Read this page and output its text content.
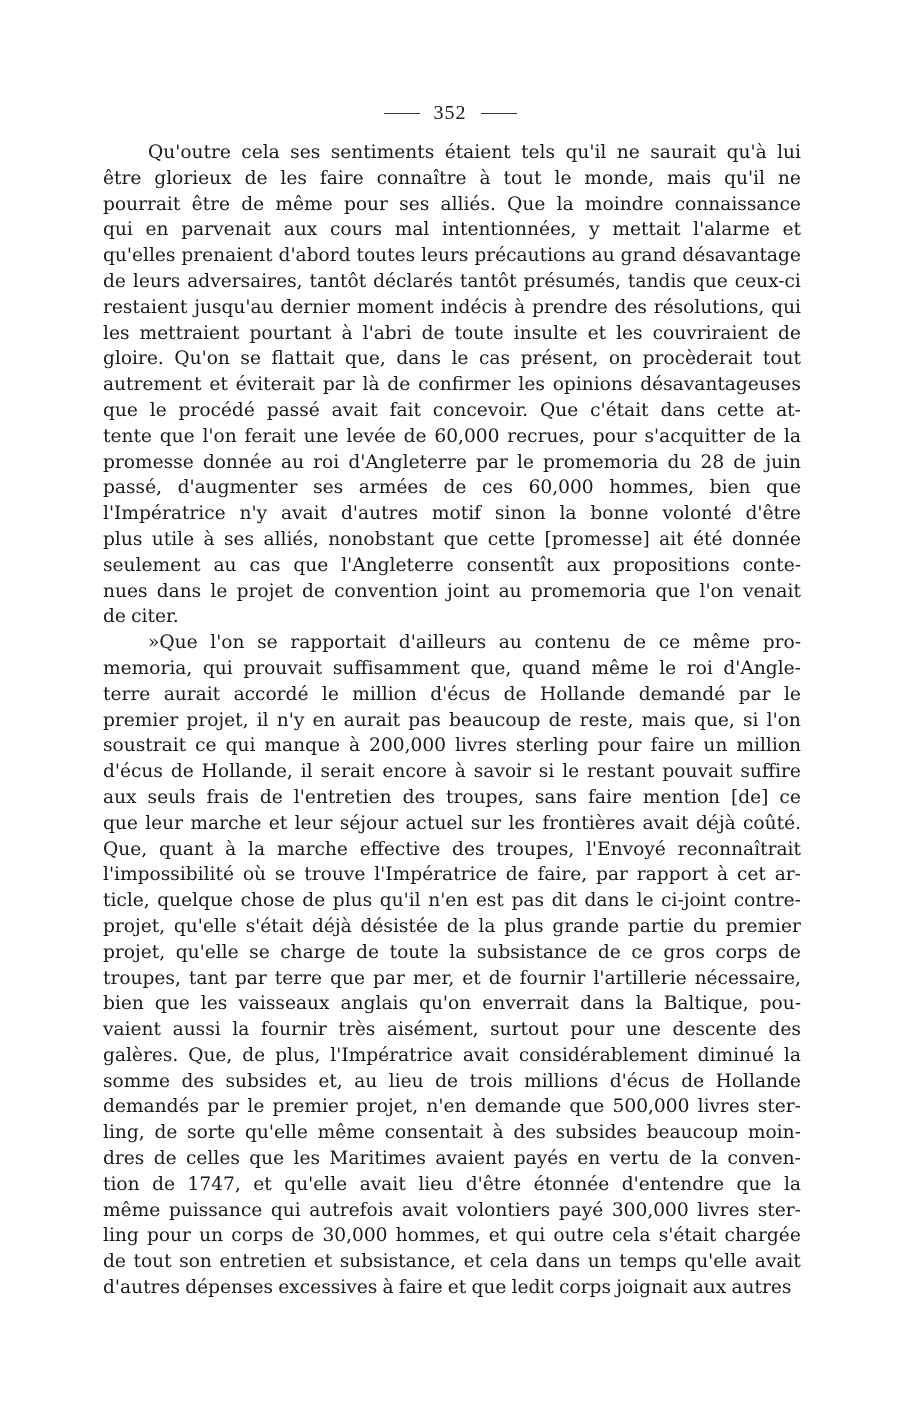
352
Qu'outre cela ses sentiments étaient tels qu'il ne saurait qu'à lui
être glorieux de les faire connaître à tout le monde, mais qu'il ne
pourrait être de même pour ses alliés. Que la moindre connaissance
qui en parvenait aux cours mal intentionnées, y mettait l'alarme et
qu'elles prenaient d'abord toutes leurs précautions au grand désavantage
de leurs adversaires, tantôt déclarés tantôt présumés, tandis que ceux-ci
restaient jusqu'au dernier moment indécis à prendre des résolutions, qui
les mettraient pourtant à l'abri de toute insulte et les couvriraient de
gloire. Qu'on se flattait que, dans le cas présent, on procèderait tout
autrement et éviterait par là de confirmer les opinions désavantageuses
que le procédé passé avait fait concevoir. Que c'était dans cette at-
tente que l'on ferait une levée de 60,000 recrues, pour s'acquitter de la
promesse donnée au roi d'Angleterre par le promemoria du 28 de juin
passé, d'augmenter ses armées de ces 60,000 hommes, bien que
l'Impératrice n'y avait d'autres motif sinon la bonne volonté d'être
plus utile à ses alliés, nonobstant que cette [promesse] ait été donnée
seulement au cas que l'Angleterre consentît aux propositions conte-
nues dans le projet de convention joint au promemoria que l'on venait
de citer.
»Que l'on se rapportait d'ailleurs au contenu de ce même pro-
memoria, qui prouvait suffisamment que, quand même le roi d'Angle-
terre aurait accordé le million d'écus de Hollande demandé par le
premier projet, il n'y en aurait pas beaucoup de reste, mais que, si l'on
soustrait ce qui manque à 200,000 livres sterling pour faire un million
d'écus de Hollande, il serait encore à savoir si le restant pouvait suffire
aux seuls frais de l'entretien des troupes, sans faire mention [de] ce
que leur marche et leur séjour actuel sur les frontières avait déjà coûté.
Que, quant à la marche effective des troupes, l'Envoyé reconnaîtrait
l'impossibilité où se trouve l'Impératrice de faire, par rapport à cet ar-
ticle, quelque chose de plus qu'il n'en est pas dit dans le ci-joint contre-
projet, qu'elle s'était déjà désistée de la plus grande partie du premier
projet, qu'elle se charge de toute la subsistance de ce gros corps de
troupes, tant par terre que par mer, et de fournir l'artillerie nécessaire,
bien que les vaisseaux anglais qu'on enverrait dans la Baltique, pou-
vaient aussi la fournir très aisément, surtout pour une descente des
galères. Que, de plus, l'Impératrice avait considérablement diminué la
somme des subsides et, au lieu de trois millions d'écus de Hollande
demandés par le premier projet, n'en demande que 500,000 livres ster-
ling, de sorte qu'elle même consentait à des subsides beaucoup moin-
dres de celles que les Maritimes avaient payés en vertu de la conven-
tion de 1747, et qu'elle avait lieu d'être étonnée d'entendre que la
même puissance qui autrefois avait volontiers payé 300,000 livres ster-
ling pour un corps de 30,000 hommes, et qui outre cela s'était chargée
de tout son entretien et subsistance, et cela dans un temps qu'elle avait
d'autres dépenses excessives à faire et que ledit corps joignait aux autres
